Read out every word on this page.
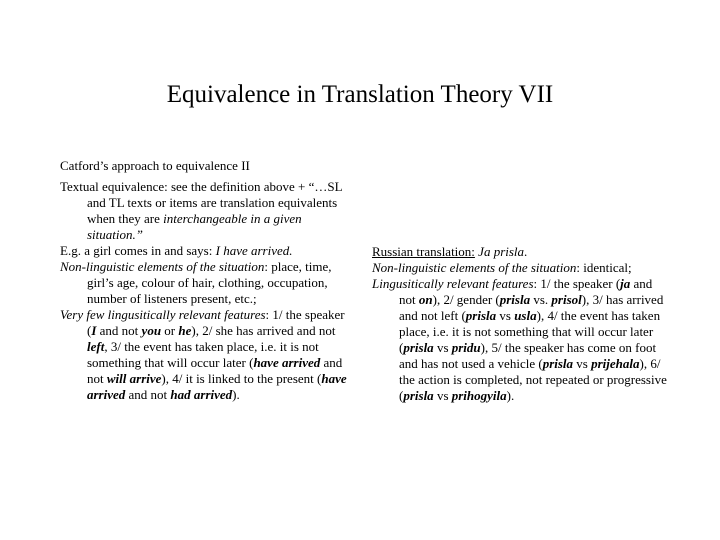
Equivalence in Translation Theory VII

Catford’s approach to equivalence II

Textual equivalence: see the definition above + “…SL and TL texts or items are translation equivalents when they are interchangeable in a given situation.”

E.g. a girl comes in and says: I have arrived.

Non-linguistic elements of the situation: place, time, girl’s age, colour of hair, clothing, occupation, number of listeners present, etc.;

Very few lingusitically relevant features: 1/ the speaker (I and not you or he), 2/ she has arrived and not left, 3/ the event has taken place, i.e. it is not something that will occur later (have arrived and not will arrive), 4/ it is linked to the present (have arrived and not had arrived).

Russian translation: Ja prisla.

Non-linguistic elements of the situation: identical;

Lingusitically relevant features: 1/ the speaker (ja and not on), 2/ gender (prisla vs. prisol), 3/ has arrived and not left (prisla vs usla), 4/ the event has taken place, i.e. it is not something that will occur later (prisla vs pridu), 5/ the speaker has come on foot and has not used a vehicle (prisla vs prijehala), 6/ the action is completed, not repeated or progressive (prisla vs prihogyila).
